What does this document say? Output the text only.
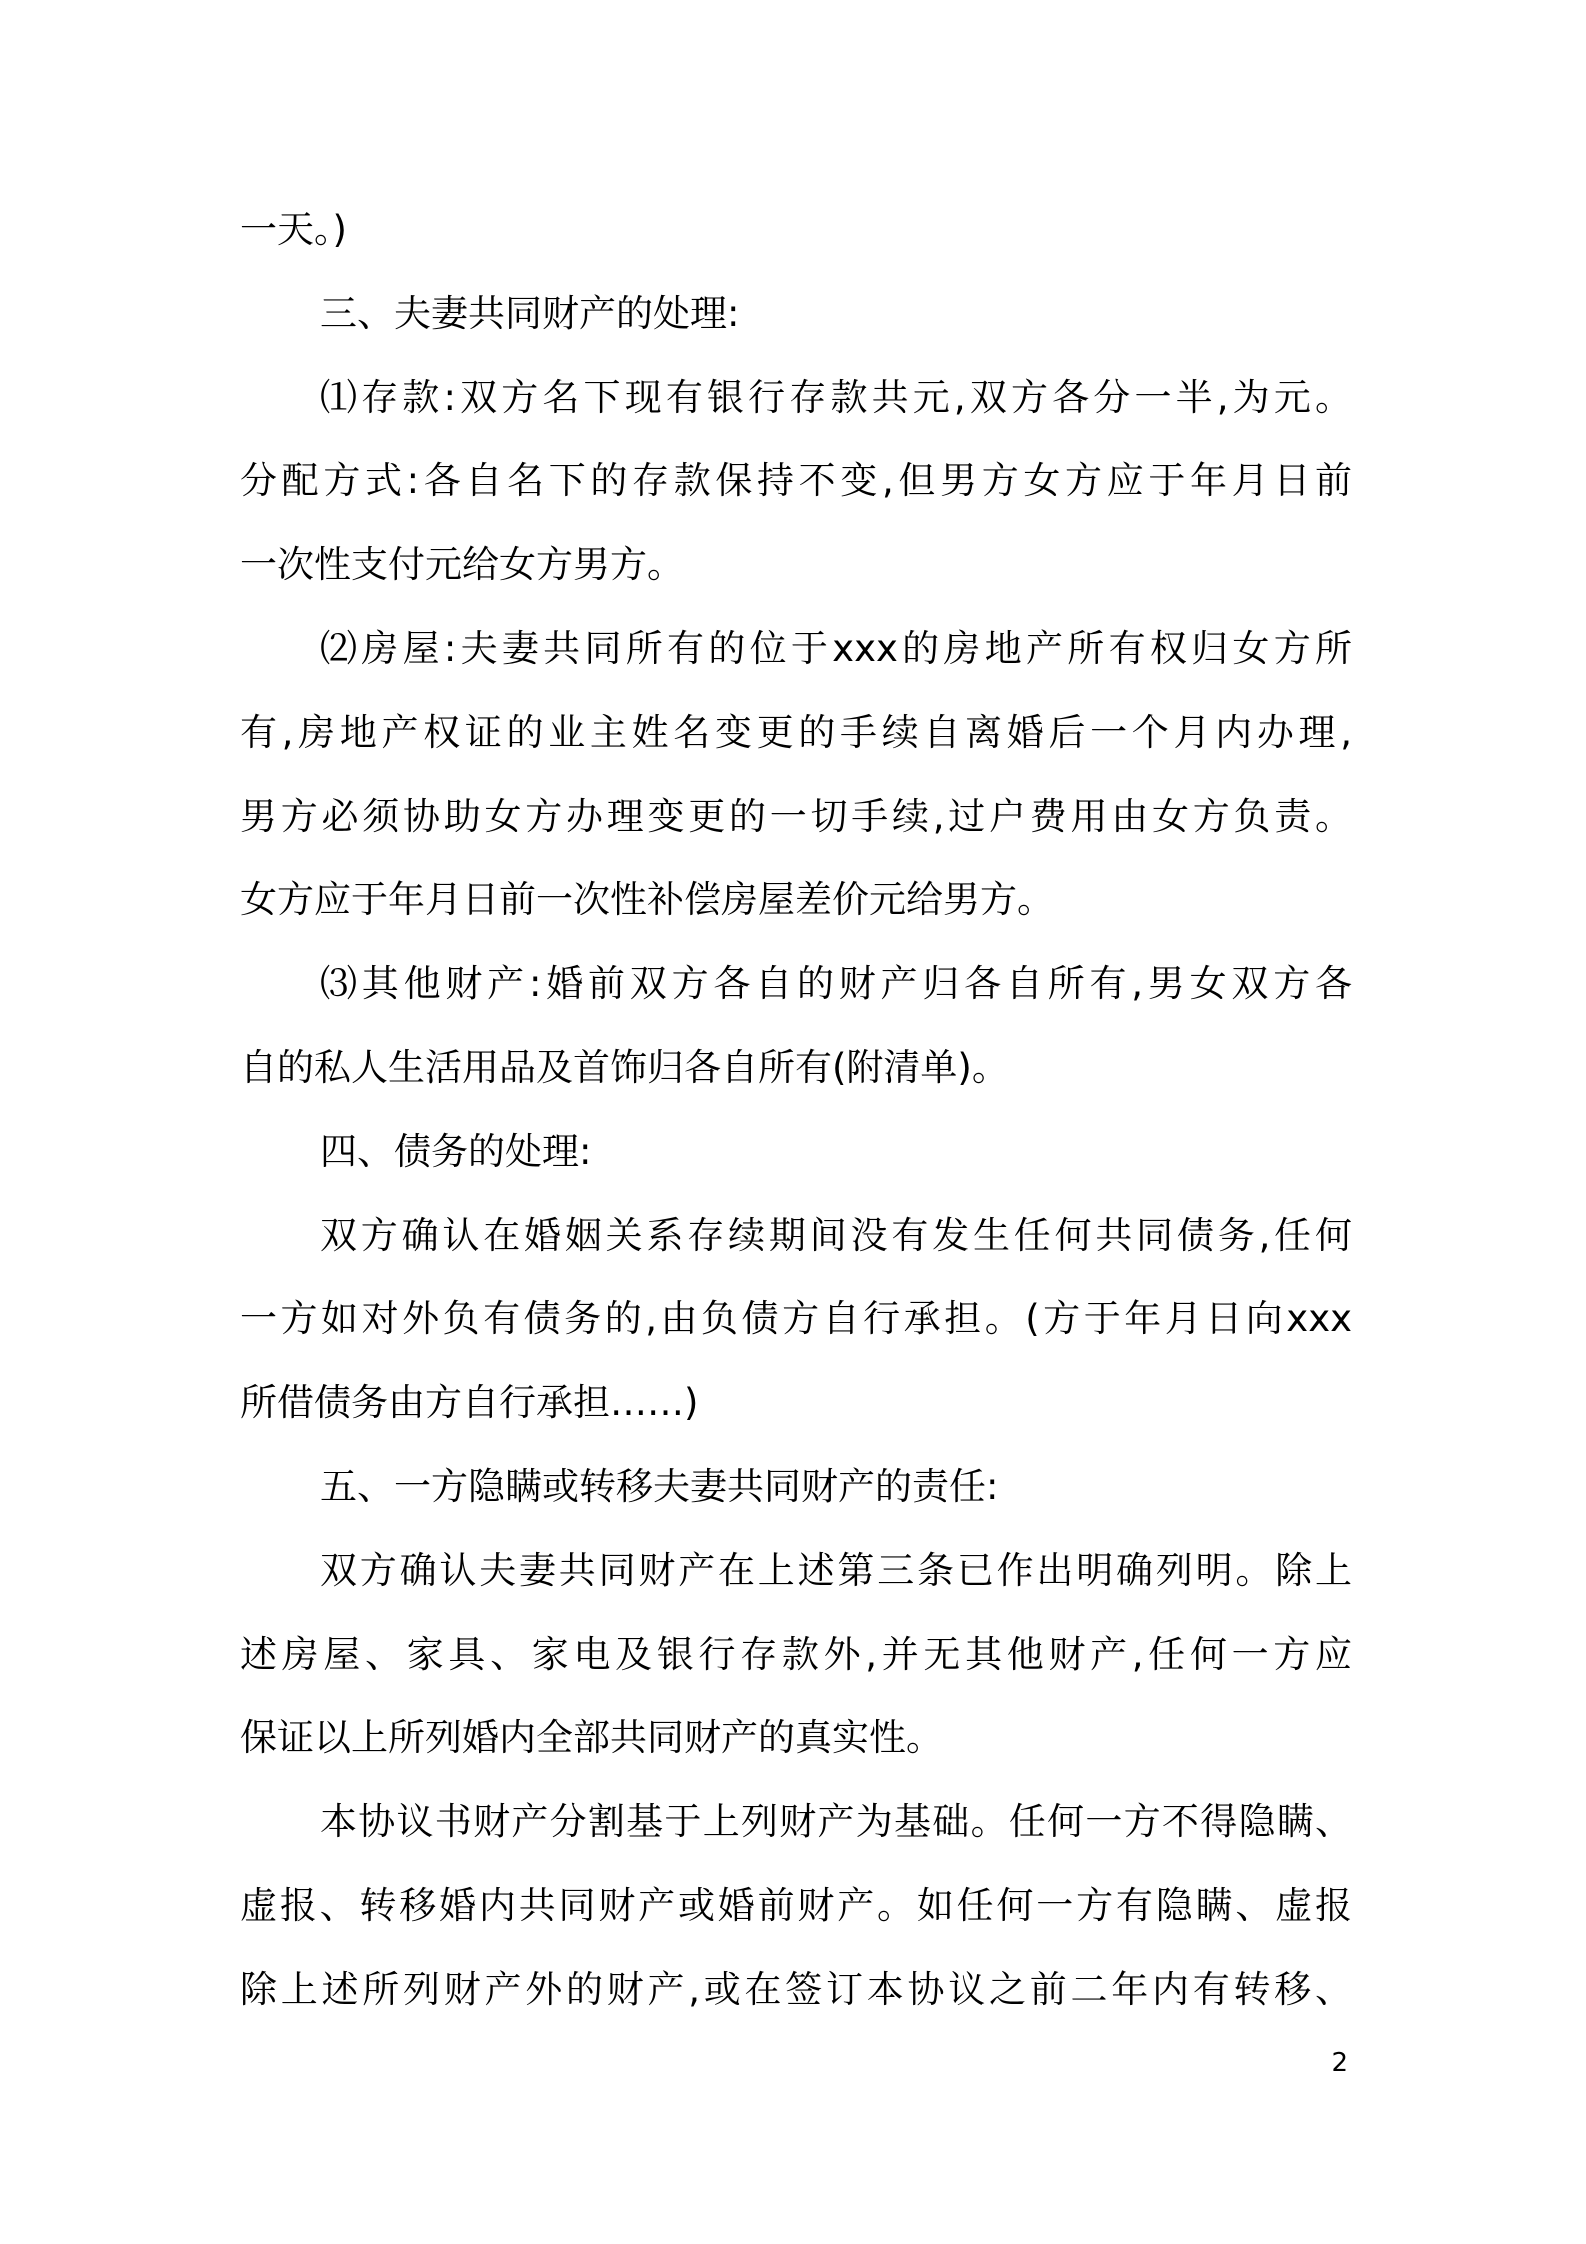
一天。)
三、夫妻共同财产的处理:
⑴存款:双方名下现有银行存款共元,双方各分一半,为元。
分配方式:各自名下的存款保持不变,但男方女方应于年月日前
一次性支付元给女方男方。
⑵房屋:夫妻共同所有的位于xxx的房地产所有权归女方所
有,房地产权证的业主姓名变更的手续自离婚后一个月内办理,
男方必须协助女方办理变更的一切手续,过户费用由女方负责。
女方应于年月日前一次性补偿房屋差价元给男方。
⑶其他财产:婚前双方各自的财产归各自所有,男女双方各
自的私人生活用品及首饰归各自所有(附清单)。
四、债务的处理:
双方确认在婚姻关系存续期间没有发生任何共同债务,任何
一方如对外负有债务的,由负债方自行承担。(方于年月日向xxx
所借债务由方自行承担……)
五、一方隐瞒或转移夫妻共同财产的责任:
双方确认夫妻共同财产在上述第三条已作出明确列明。除上
述房屋、家具、家电及银行存款外,并无其他财产,任何一方应
保证以上所列婚内全部共同财产的真实性。
本协议书财产分割基于上列财产为基础。任何一方不得隐瞒、
虚报、转移婚内共同财产或婚前财产。如任何一方有隐瞒、虚报
除上述所列财产外的财产,或在签订本协议之前二年内有转移、
2
